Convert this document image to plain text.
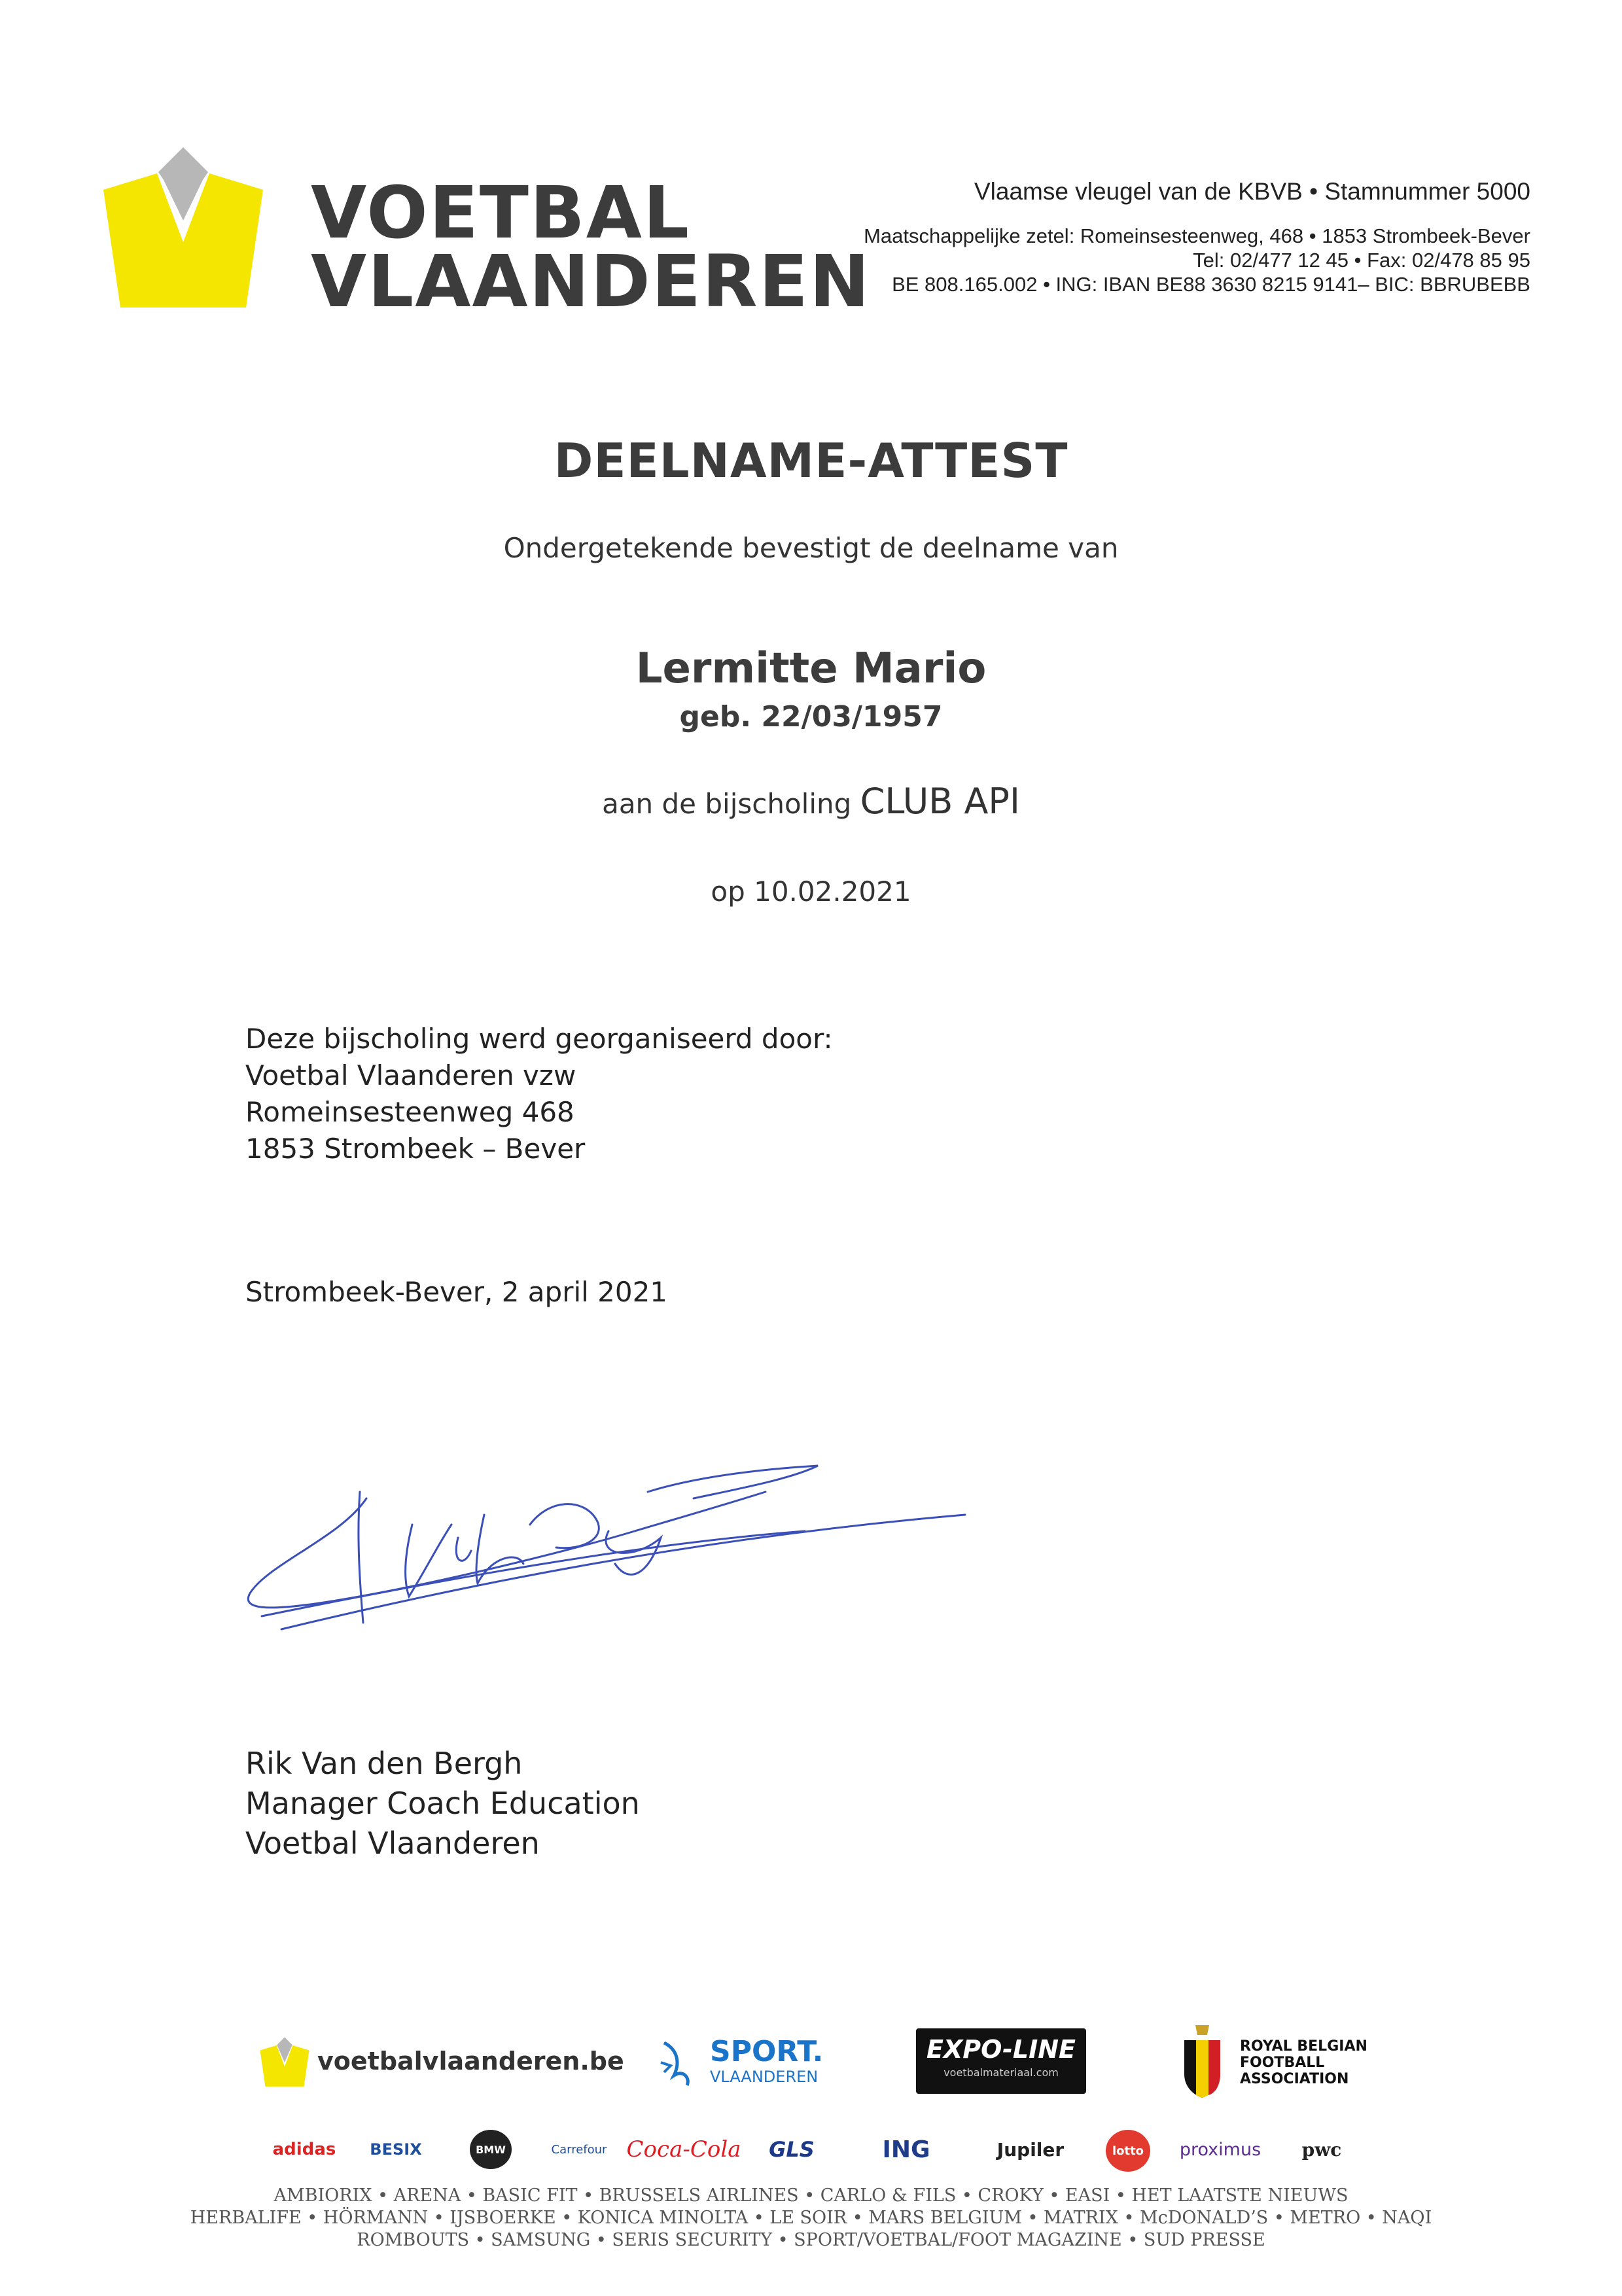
VOETBAL
VLAANDEREN
Vlaamse vleugel van de KBVB • Stamnummer 5000
Maatschappelijke zetel: Romeinsesteenweg, 468 • 1853 Strombeek-Bever
Tel: 02/477 12 45 • Fax: 02/478 85 95
BE 808.165.002 • ING: IBAN BE88 3630 8215 9141– BIC: BBRUBEBB
DEELNAME-ATTEST
Ondergetekende bevestigt de deelname van
Lermitte Mario
geb. 22/03/1957
aan de bijscholing CLUB API
op 10.02.2021
Deze bijscholing werd georganiseerd door:
Voetbal Vlaanderen vzw
Romeinsesteenweg 468
1853 Strombeek – Bever
Strombeek-Bever, 2 april 2021
Rik Van den Bergh
Manager Coach Education
Voetbal Vlaanderen
voetbalvlaanderen.be	SPORT.
VLAANDEREN
EXPO-LINE
voetbalmateriaal.com
ROYAL BELGIAN
FOOTBALL
ASSOCIATION
adidas	BESIX	BMW	Carrefour Coca-Cola	GLS	ING	Jupiler	lotto	proximus	pwc
AMBIORIX • ARENA • BASIC FIT • BRUSSELS AIRLINES • CARLO & FILS • CROKY • EASI • HET LAATSTE NIEUWS
HERBALIFE • HÖRMANN • IJSBOERKE • KONICA MINOLTA • LE SOIR • MARS BELGIUM • MATRIX • McDONALD’S • METRO • NAQI
ROMBOUTS • SAMSUNG • SERIS SECURITY • SPORT/VOETBAL/FOOT MAGAZINE • SUD PRESSE
